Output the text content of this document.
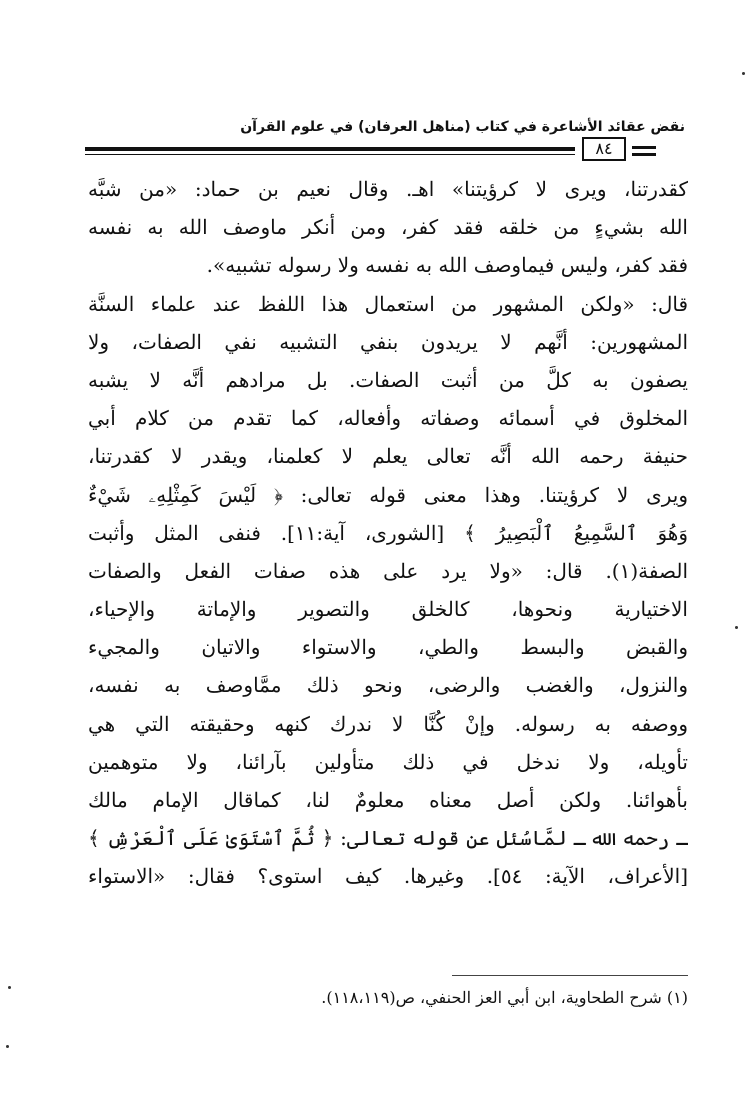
نقض عقائد الأشاعرة في كتاب (مناهل العرفان) في علوم القرآن
٨٤
كقدرتنا، ويرى لا كرؤيتنا» اهـ. وقال نعيم بن حماد: «من شبَّه
الله بشيءٍ من خلقه فقد كفر، ومن أنكر ماوصف الله به نفسه
فقد كفر، وليس فيماوصف الله به نفسه ولا رسوله تشبيه».
قال: «ولكن المشهور من استعمال هذا اللفظ عند علماء السنَّة
المشهورين: أنَّهم لا يريدون بنفي التشبيه نفي الصفات، ولا
يصفون به كلَّ من أثبت الصفات. بل مرادهم أنَّه لا يشبه
المخلوق في أسمائه وصفاته وأفعاله، كما تقدم من كلام أبي
حنيفة رحمه الله أنَّه تعالى يعلم لا كعلمنا، ويقدر لا كقدرتنا،
ويرى لا كرؤيتنا. وهذا معنى قوله تعالى: ﴿ لَيْسَ كَمِثْلِهِۦ شَيْءٌ
وَهُوَ ٱلسَّمِيعُ ٱلْبَصِيرُ ﴾ [الشورى، آية:١١]. فنفى المثل وأثبت
الصفة(١). قال: «ولا يرد على هذه صفات الفعل والصفات
الاختيارية ونحوها، كالخلق والتصوير والإماتة والإحياء،
والقبض والبسط والطي، والاستواء والاتيان والمجيء
والنزول، والغضب والرضى، ونحو ذلك ممَّاوصف به نفسه،
ووصفه به رسوله. وإنْ كُنَّا لا ندرك كنهه وحقيقته التي هي
تأويله، ولا ندخل في ذلك متأولين بآرائنا، ولا متوهمين
بأهوائنا. ولكن أصل معناه معلومٌ لنا، كماقال الإمام مالك
ـ رحمه الله ـ لمَّاسُئل عن قوله تعالى: ﴿ ثُمَّ ٱسْتَوَىٰ عَلَى ٱلْعَرْشِ ﴾
[الأعراف، الآية: ٥٤]. وغيرها. كيف استوى؟ فقال: «الاستواء
(١) شرح الطحاوية، ابن أبي العز الحنفي، ص(١١٨،١١٩).
